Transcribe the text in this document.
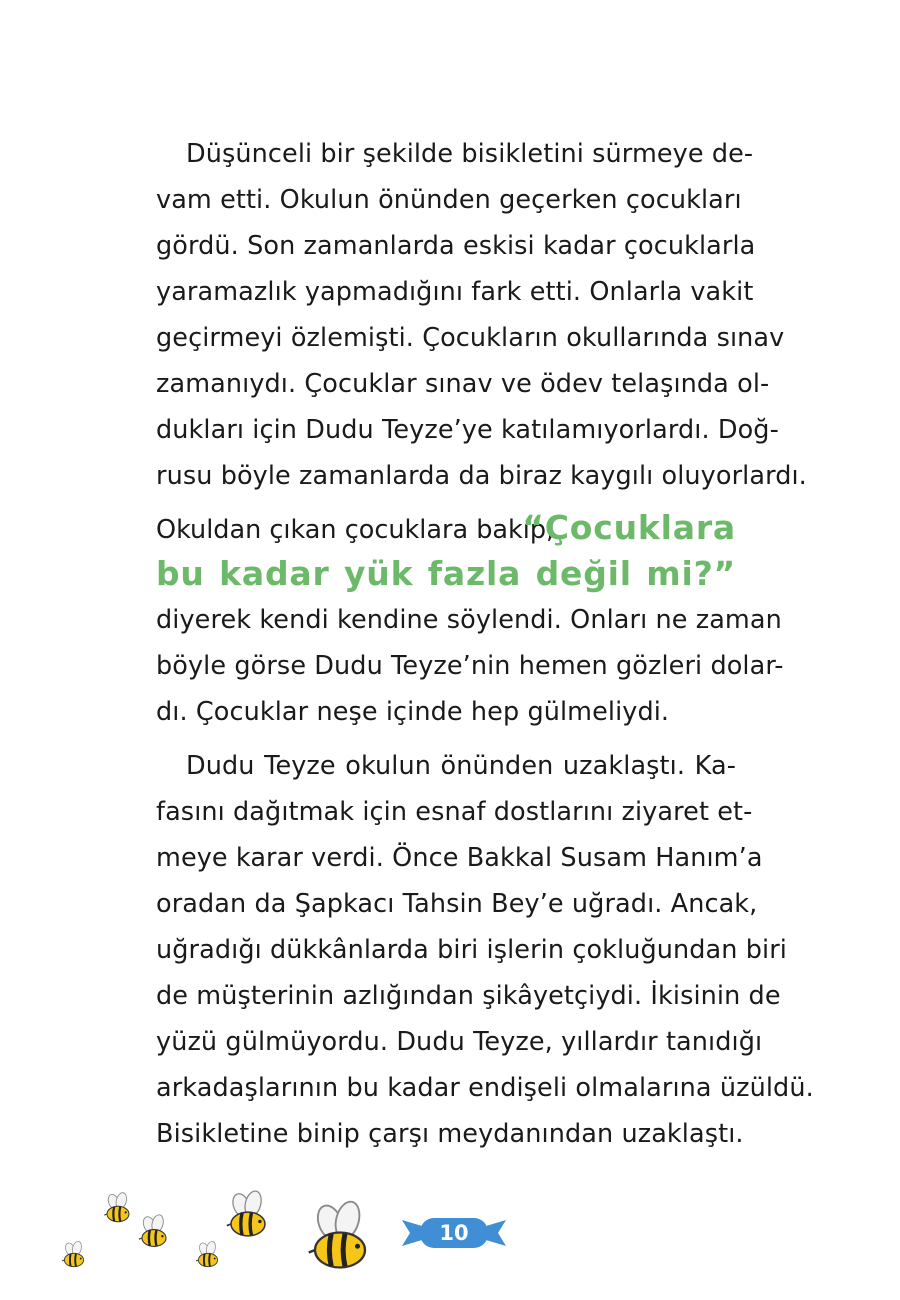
Düşünceli bir şekilde bisikletini sürmeye de-
vam etti. Okulun önünden geçerken çocukları
gördü. Son zamanlarda eskisi kadar çocuklarla
yaramazlık yapmadığını fark etti. Onlarla vakit
geçirmeyi özlemişti. Çocukların okullarında sınav
zamanıydı. Çocuklar sınav ve ödev telaşında ol-
dukları için Dudu Teyze’ye katılamıyorlardı. Doğ-
rusu böyle zamanlarda da biraz kaygılı oluyorlardı.
Okuldan çıkan çocuklara bakıp,
“Çocuklara
bu kadar yük fazla değil mi?”
diyerek kendi kendine söylendi. Onları ne zaman
böyle görse Dudu Teyze’nin hemen gözleri dolar-
dı. Çocuklar neşe içinde hep gülmeliydi.
Dudu Teyze okulun önünden uzaklaştı. Ka-
fasını dağıtmak için esnaf dostlarını ziyaret et-
meye karar verdi. Önce Bakkal Susam Hanım’a
oradan da Şapkacı Tahsin Bey’e uğradı. Ancak,
uğradığı dükkânlarda biri işlerin çokluğundan biri
de müşterinin azlığından şikâyetçiydi. İkisinin de
yüzü gülmüyordu. Dudu Teyze, yıllardır tanıdığı
arkadaşlarının bu kadar endişeli olmalarına üzüldü.
Bisikletine binip çarşı meydanından uzaklaştı.
10
